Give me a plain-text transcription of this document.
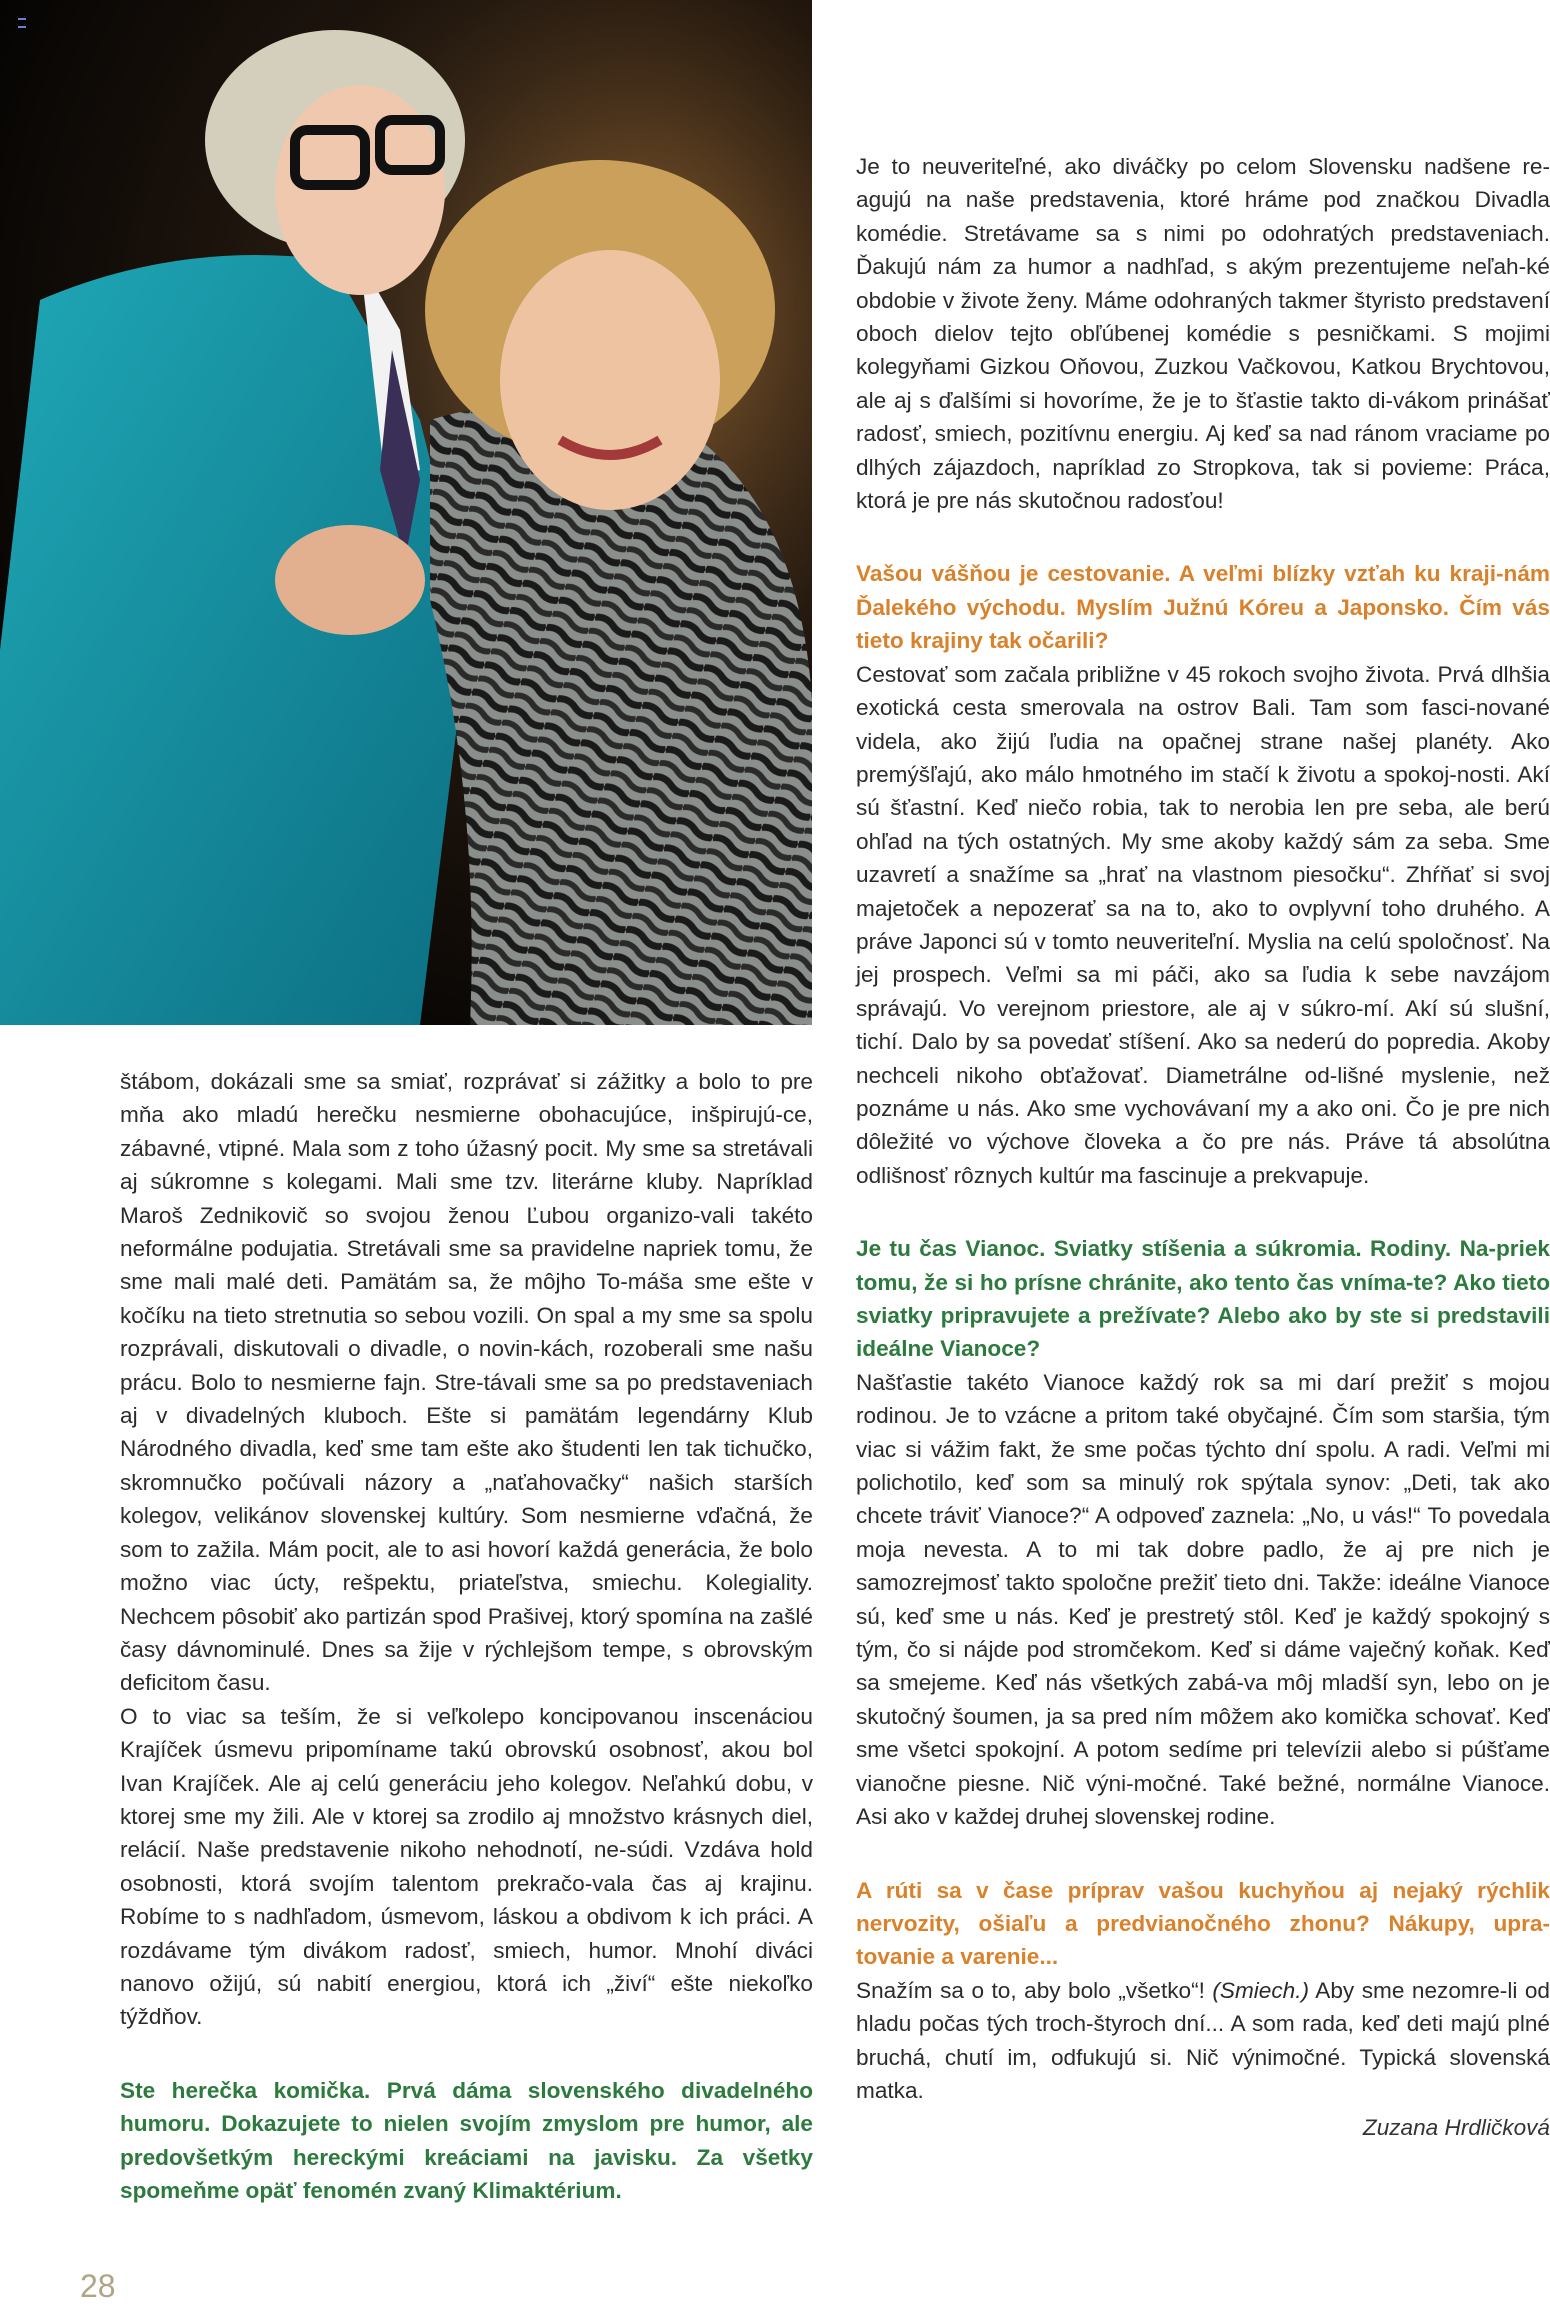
Je to neuveriteľné, ako diváčky po celom Slovensku nadšene re-agujú na naše predstavenia, ktoré hráme pod značkou Divadla komédie. Stretávame sa s nimi po odohratých predstaveniach. Ďakujú nám za humor a nadhľad, s akým prezentujeme neľah-ké obdobie v živote ženy. Máme odohraných takmer štyristo predstavení oboch dielov tejto obľúbenej komédie s pesničkami. S mojimi kolegyňami Gizkou Oňovou, Zuzkou Vačkovou, Katkou Brychtovou, ale aj s ďalšími si hovoríme, že je to šťastie takto di-vákom prinášať radosť, smiech, pozitívnu energiu. Aj keď sa nad ránom vraciame po dlhých zájazdoch, napríklad zo Stropkova, tak si povieme: Práca, ktorá je pre nás skutočnou radosťou!

Vašou vášňou je cestovanie. A veľmi blízky vzťah ku kraji-nám Ďalekého východu. Myslím Južnú Kóreu a Japonsko. Čím vás tieto krajiny tak očarili?

Cestovať som začala približne v 45 rokoch svojho života. Prvá dlhšia exotická cesta smerovala na ostrov Bali. Tam som fasci-nované videla, ako žijú ľudia na opačnej strane našej planéty. Ako premýšľajú, ako málo hmotného im stačí k životu a spokoj-nosti. Akí sú šťastní. Keď niečo robia, tak to nerobia len pre seba, ale berú ohľad na tých ostatných. My sme akoby každý sám za seba. Sme uzavretí a snažíme sa „hrať na vlastnom piesočku“. Zhŕňať si svoj majetoček a nepozerať sa na to, ako to ovplyvní toho druhého. A práve Japonci sú v tomto neuveriteľní. Myslia na celú spoločnosť. Na jej prospech. Veľmi sa mi páči, ako sa ľudia k sebe navzájom správajú. Vo verejnom priestore, ale aj v súkro-mí. Akí sú slušní, tichí. Dalo by sa povedať stíšení. Ako sa nederú do popredia. Akoby nechceli nikoho obťažovať. Diametrálne od-lišné myslenie, než poznáme u nás. Ako sme vychovávaní my a ako oni. Čo je pre nich dôležité vo výchove človeka a čo pre nás. Práve tá absolútna odlišnosť rôznych kultúr ma fascinuje a prekvapuje.

Je tu čas Vianoc. Sviatky stíšenia a súkromia. Rodiny. Na-priek tomu, že si ho prísne chránite, ako tento čas vníma-te? Ako tieto sviatky pripravujete a prežívate? Alebo ako by ste si predstavili ideálne Vianoce?

Našťastie takéto Vianoce každý rok sa mi darí prežiť s mojou rodinou. Je to vzácne a pritom také obyčajné. Čím som staršia, tým viac si vážim fakt, že sme počas týchto dní spolu. A radi. Veľmi mi polichotilo, keď som sa minulý rok spýtala synov: „Deti, tak ako chcete tráviť Vianoce?“ A odpoveď zaznela: „No, u vás!“ To povedala moja nevesta. A to mi tak dobre padlo, že aj pre nich je samozrejmosť takto spoločne prežiť tieto dni. Takže: ideálne Vianoce sú, keď sme u nás. Keď je prestretý stôl. Keď je každý spokojný s tým, čo si nájde pod stromčekom. Keď si dáme vaječný koňak. Keď sa smejeme. Keď nás všetkých zabá-va môj mladší syn, lebo on je skutočný šoumen, ja sa pred ním môžem ako komička schovať. Keď sme všetci spokojní. A potom sedíme pri televízii alebo si púšťame vianočne piesne. Nič výni-močné. Také bežné, normálne Vianoce. Asi ako v každej druhej slovenskej rodine.

A rúti sa v čase príprav vašou kuchyňou aj nejaký rýchlik nervozity, ošiaľu a predvianočného zhonu? Nákupy, upra-tovanie a varenie...

Snažím sa o to, aby bolo „všetko“! (Smiech.) Aby sme nezomre-li od hladu počas tých troch-štyroch dní... A som rada, keď deti majú plné bruchá, chutí im, odfukujú si. Nič výnimočné. Typická slovenská matka.

Zuzana Hrdličková

štábom, dokázali sme sa smiať, rozprávať si zážitky a bolo to pre mňa ako mladú herečku nesmierne obohacujúce, inšpirujú-ce, zábavné, vtipné. Mala som z toho úžasný pocit. My sme sa stretávali aj súkromne s kolegami. Mali sme tzv. literárne kluby. Napríklad Maroš Zednikovič so svojou ženou Ľubou organizo-vali takéto neformálne podujatia. Stretávali sme sa pravidelne napriek tomu, že sme mali malé deti. Pamätám sa, že môjho To-máša sme ešte v kočíku na tieto stretnutia so sebou vozili. On spal a my sme sa spolu rozprávali, diskutovali o divadle, o novin-kách, rozoberali sme našu prácu. Bolo to nesmierne fajn. Stre-távali sme sa po predstaveniach aj v divadelných kluboch. Ešte si pamätám legendárny Klub Národného divadla, keď sme tam ešte ako študenti len tak tichučko, skromnučko počúvali názory a „naťahovačky“ našich starších kolegov, velikánov slovenskej kultúry. Som nesmierne vďačná, že som to zažila. Mám pocit, ale to asi hovorí každá generácia, že bolo možno viac úcty, rešpektu, priateľstva, smiechu. Kolegiality. Nechcem pôsobiť ako partizán spod Prašivej, ktorý spomína na zašlé časy dávnominulé. Dnes sa žije v rýchlejšom tempe, s obrovským deficitom času.

O to viac sa teším, že si veľkolepo koncipovanou inscenáciou Krajíček úsmevu pripomíname takú obrovskú osobnosť, akou bol Ivan Krajíček. Ale aj celú generáciu jeho kolegov. Neľahkú dobu, v ktorej sme my žili. Ale v ktorej sa zrodilo aj množstvo krásnych diel, relácií. Naše predstavenie nikoho nehodnotí, ne-súdi. Vzdáva hold osobnosti, ktorá svojím talentom prekračo-vala čas aj krajinu. Robíme to s nadhľadom, úsmevom, láskou a obdivom k ich práci. A rozdávame tým divákom radosť, smiech, humor. Mnohí diváci nanovo ožijú, sú nabití energiou, ktorá ich „živí“ ešte niekoľko týždňov.

Ste herečka komička. Prvá dáma slovenského divadelného humoru. Dokazujete to nielen svojím zmyslom pre humor, ale predovšetkým hereckými kreáciami na javisku. Za všetky spomeňme opäť fenomén zvaný Klimaktérium.

28
